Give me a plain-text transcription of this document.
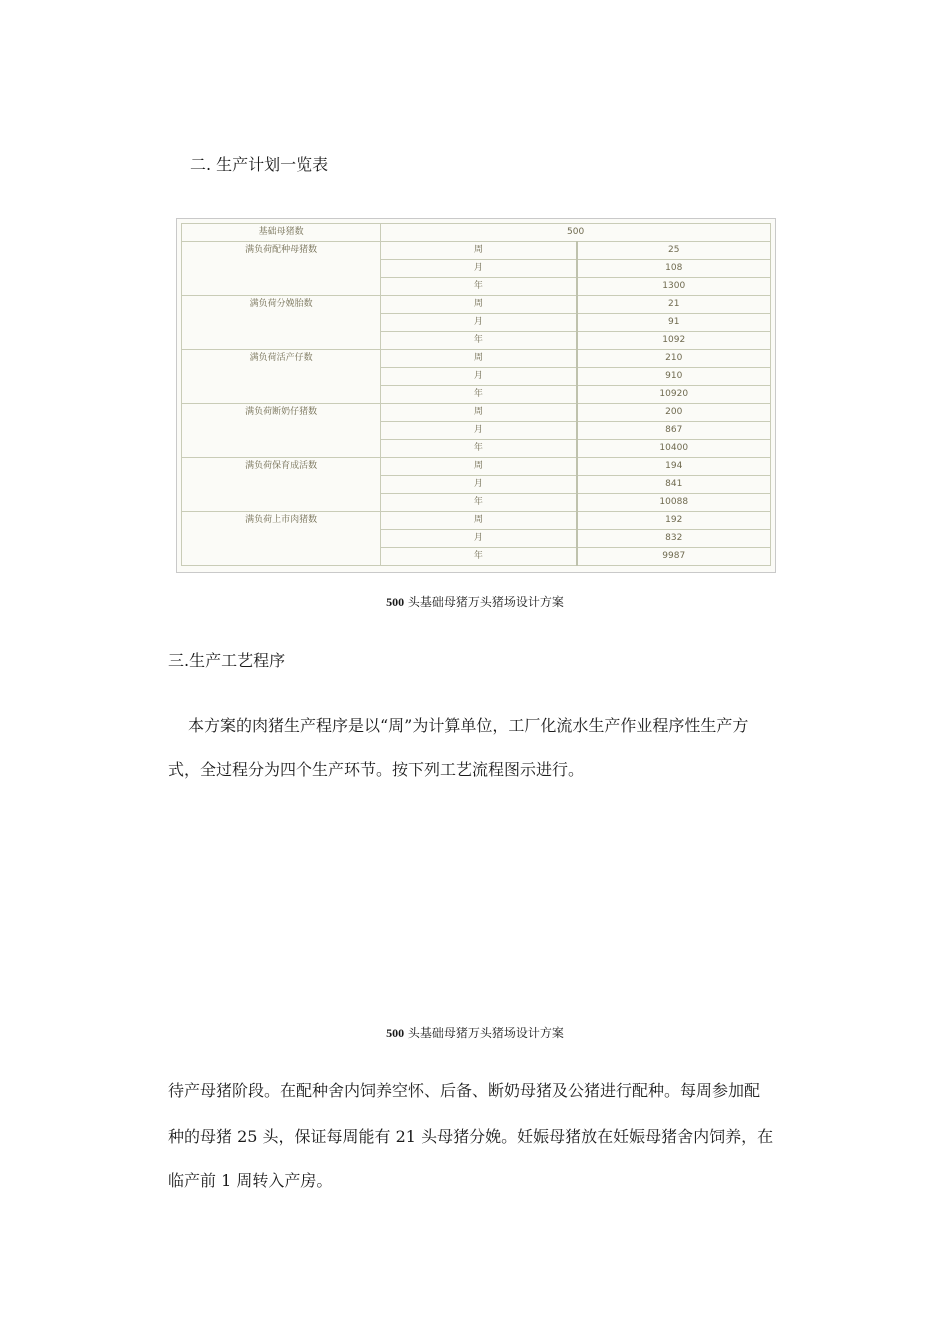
二. 生产计划一览表
基础母猪数	500	
满负荷配种母猪数	周	25
	月	108
	年	1300
满负荷分娩胎数	周	21
	月	91
	年	1092
满负荷活产仔数	周	210
	月	910
	年	10920
满负荷断奶仔猪数	周	200
	月	867
	年	10400
满负荷保育成活数	周	194
	月	841
	年	10088
满负荷上市肉猪数	周	192
	月	832
	年	9987
500 头基础母猪万头猪场设计方案
三.生产工艺程序
本方案的肉猪生产程序是以“周”为计算单位，工厂化流水生产作业程序性生产方
式，全过程分为四个生产环节。按下列工艺流程图示进行。
500 头基础母猪万头猪场设计方案
待产母猪阶段。在配种舍内饲养空怀、后备、断奶母猪及公猪进行配种。每周参加配
种的母猪 25 头，保证每周能有 21 头母猪分娩。妊娠母猪放在妊娠母猪舍内饲养，在
临产前 1 周转入产房。
